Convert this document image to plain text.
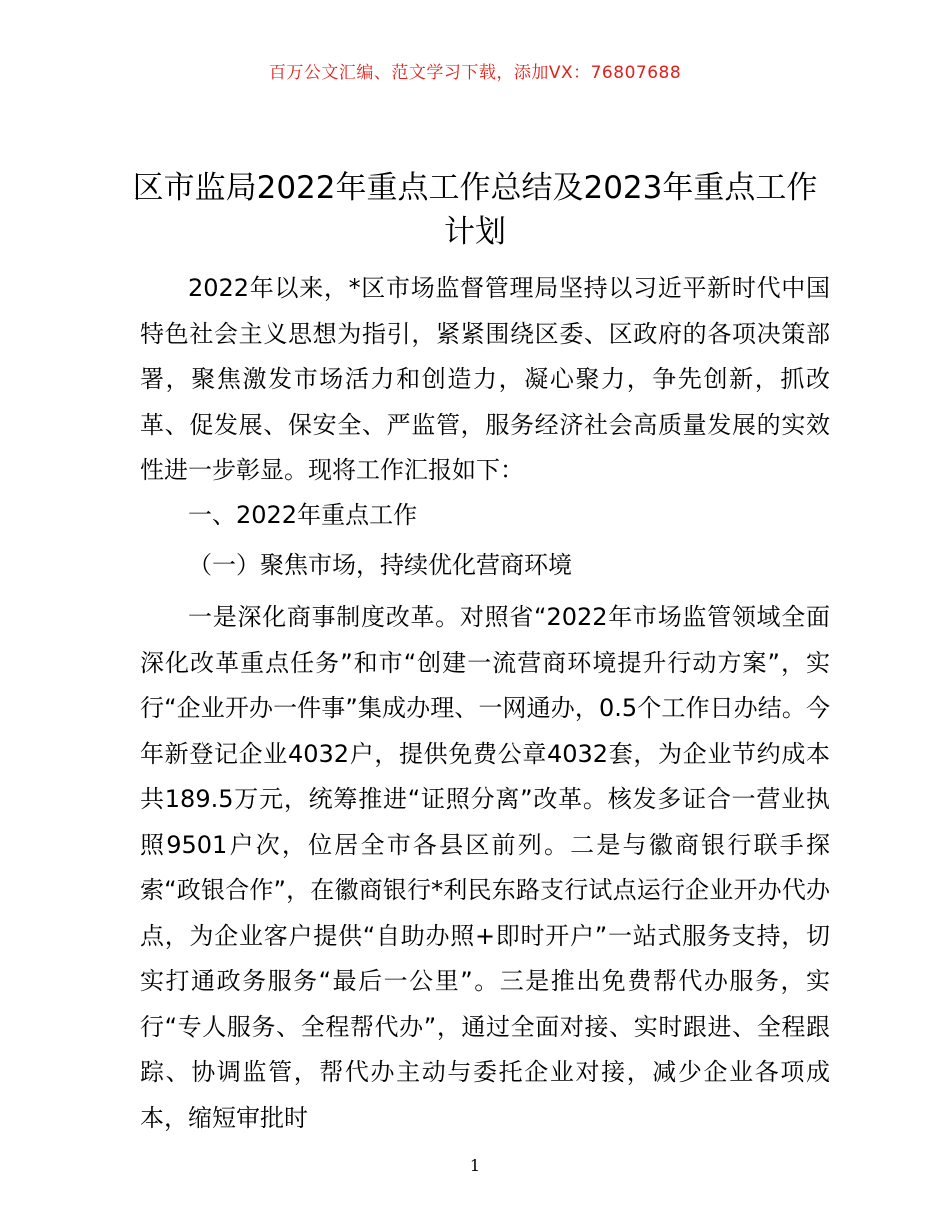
百万公文汇编、范文学习下载，添加VX：76807688
区市监局2022年重点工作总结及2023年重点工作计划

2022年以来，*区市场监督管理局坚持以习近平新时代中国特色社会主义思想为指引，紧紧围绕区委、区政府的各项决策部署，聚焦激发市场活力和创造力，凝心聚力，争先创新，抓改革、促发展、保安全、严监管，服务经济社会高质量发展的实效性进一步彰显。现将工作汇报如下：

一、2022年重点工作

（一）聚焦市场，持续优化营商环境

一是深化商事制度改革。对照省“2022年市场监管领域全面深化改革重点任务”和市“创建一流营商环境提升行动方案”，实行“企业开办一件事”集成办理、一网通办，0.5个工作日办结。今年新登记企业4032户，提供免费公章4032套，为企业节约成本共189.5万元，统筹推进“证照分离”改革。核发多证合一营业执照9501户次，位居全市各县区前列。二是与徽商银行联手探索“政银合作”，在徽商银行*利民东路支行试点运行企业开办代办点，为企业客户提供“自助办照+即时开户”一站式服务支持，切实打通政务服务“最后一公里”。三是推出免费帮代办服务，实行“专人服务、全程帮代办”，通过全面对接、实时跟进、全程跟踪、协调监管，帮代办主动与委托企业对接，减少企业各项成本，缩短审批时

1
